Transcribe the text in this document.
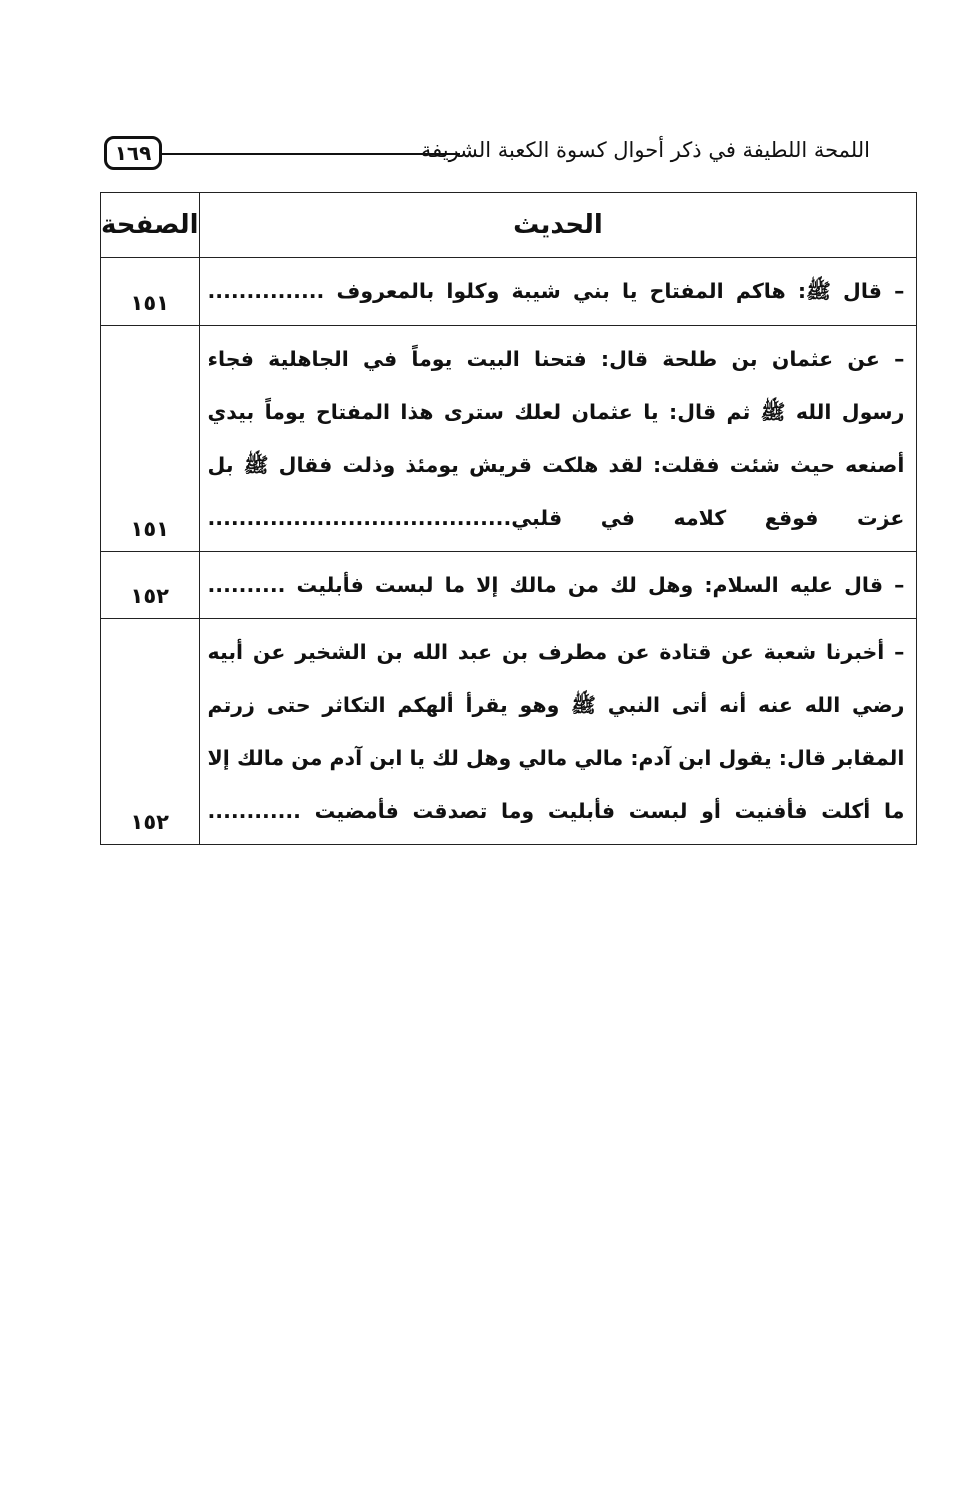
اللمحة اللطيفة في ذكر أحوال كسوة الكعبة الشريفة
١٦٩
الحديث	الصفحة

– قال ﷺ: هاكم المفتاح يا بني شيبة وكلوا بالمعروف ...............	١٥١

– عن عثمان بن طلحة قال: فتحنا البيت يوماً في الجاهلية فجاء
رسول الله ﷺ ثم قال: يا عثمان لعلك سترى هذا المفتاح يوماً بيدي
أصنعه حيث شئت فقلت: لقد هلكت قريش يومئذ وذلت فقال ﷺ بل
عزت فوقع كلامه في قلبي.......................................	١٥١

– قال عليه السلام: وهل لك من مالك إلا ما لبست فأبليت ..........	١٥٢

– أخبرنا شعبة عن قتادة عن مطرف بن عبد الله بن الشخير عن أبيه
رضي الله عنه أنه أتى النبي ﷺ وهو يقرأ ألهكم التكاثر حتى زرتم
المقابر قال: يقول ابن آدم: مالي مالي وهل لك يا ابن آدم من مالك إلا
ما أكلت فأفنيت أو لبست فأبليت وما تصدقت فأمضيت ............	١٥٢
